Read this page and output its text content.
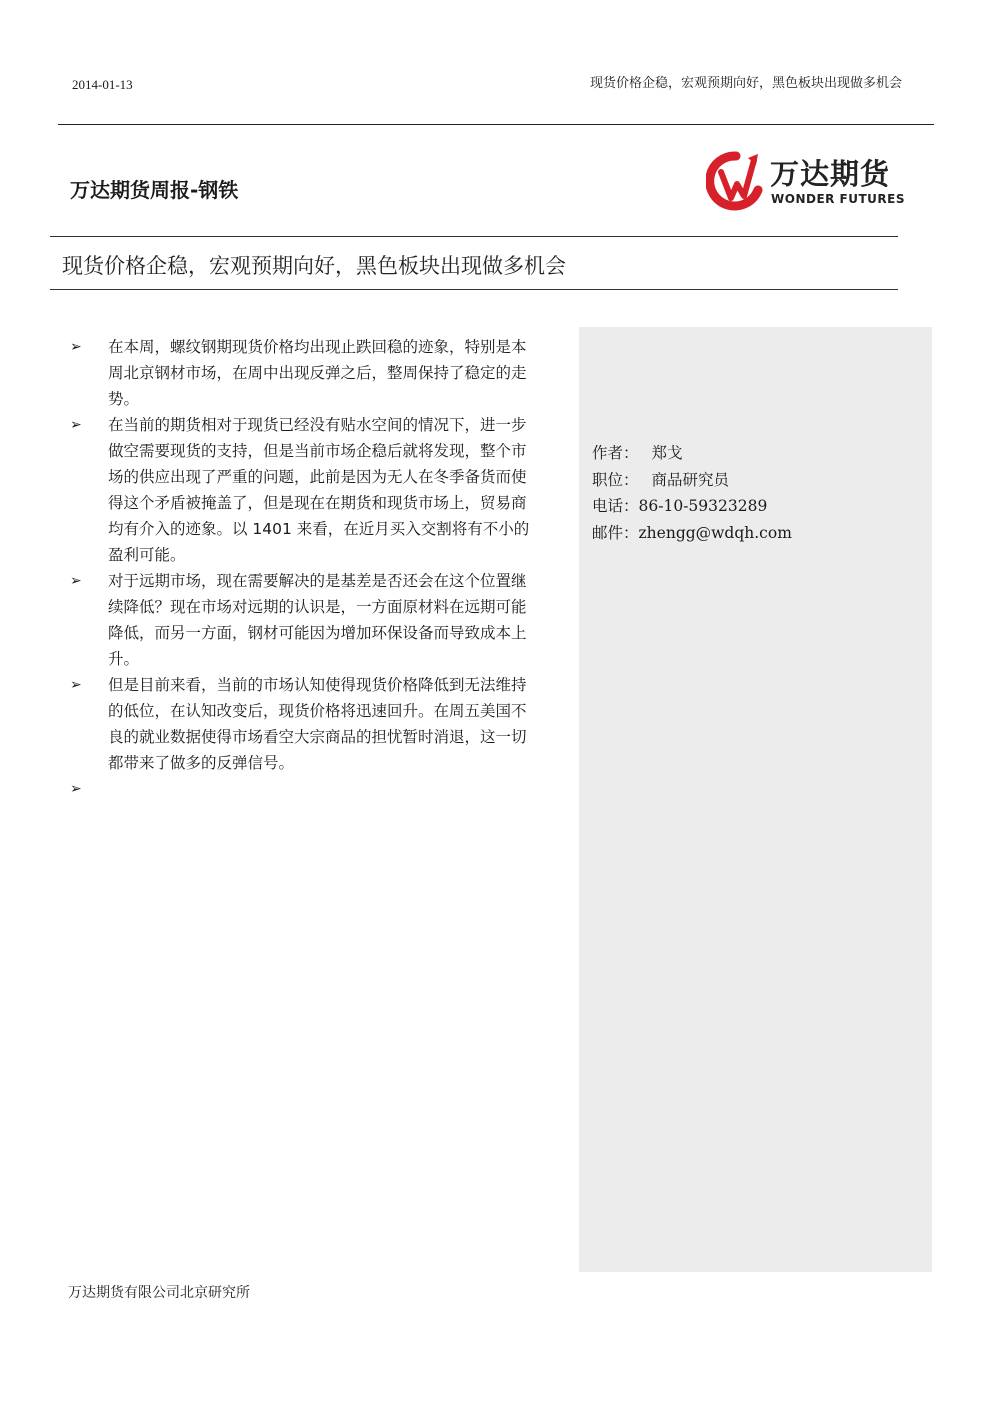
2014-01-13	现货价格企稳，宏观预期向好，黑色板块出现做多机会
万达期货周报-钢铁	万达期货
WONDER FUTURES
现货价格企稳，宏观预期向好，黑色板块出现做多机会
➢ 在本周，螺纹钢期现货价格均出现止跌回稳的迹象，特别是本周北京钢材市场，在周中出现反弹之后，整周保持了稳定的走势。
➢ 在当前的期货相对于现货已经没有贴水空间的情况下，进一步做空需要现货的支持，但是当前市场企稳后就将发现，整个市场的供应出现了严重的问题，此前是因为无人在冬季备货而使得这个矛盾被掩盖了，但是现在在期货和现货市场上，贸易商均有介入的迹象。以 1401 来看，在近月买入交割将有不小的盈利可能。
➢ 对于远期市场，现在需要解决的是基差是否还会在这个位置继续降低？现在市场对远期的认识是，一方面原材料在远期可能降低，而另一方面，钢材可能因为增加环保设备而导致成本上升。
➢ 但是目前来看，当前的市场认知使得现货价格降低到无法维持的低位，在认知改变后，现货价格将迅速回升。在周五美国不良的就业数据使得市场看空大宗商品的担忧暂时消退，这一切都带来了做多的反弹信号。
➢
作者： 郑戈
职位： 商品研究员
电话：86-10-59323289
邮件：zhengg@wdqh.com
万达期货有限公司北京研究所
